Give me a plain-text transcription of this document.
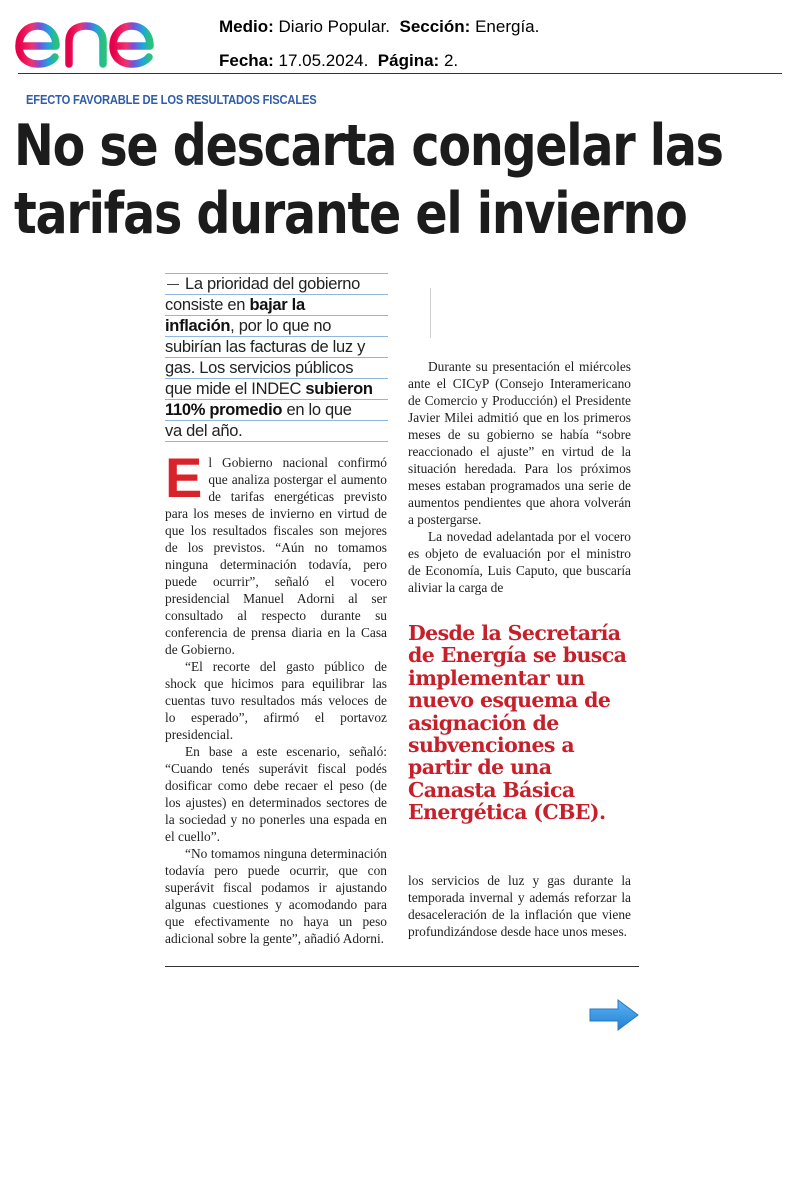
Medio: Diario Popular. Sección: Energía.
Fecha: 17.05.2024. Página: 2.
EFECTO FAVORABLE DE LOS RESULTADOS FISCALES
No se descarta congelar las
tarifas durante el invierno
La prioridad del gobierno
consiste en bajar la
inflación, por lo que no
subirían las facturas de luz y
gas. Los servicios públicos
que mide el INDEC subieron
110% promedio en lo que
va del año.

El Gobierno nacional confirmó que analiza postergar el aumento de tarifas energéticas previsto para los meses de invierno en virtud de que los resultados fiscales son mejores de los previstos. “Aún no tomamos ninguna determinación todavía, pero puede ocurrir”, señaló el vocero presidencial Manuel Adorni al ser consultado al respecto durante su conferencia de prensa diaria en la Casa de Gobierno.

“El recorte del gasto público de shock que hicimos para equilibrar las cuentas tuvo resultados más veloces de lo esperado”, afirmó el portavoz presidencial.

En base a este escenario, señaló: “Cuando tenés superávit fiscal podés dosificar como debe recaer el peso (de los ajustes) en determinados sectores de la sociedad y no ponerles una espada en el cuello”.

“No tomamos ninguna determinación todavía pero puede ocurrir, que con superávit fiscal podamos ir ajustando algunas cuestiones y acomodando para que efectivamente no haya un peso adicional sobre la gente”, añadió Adorni.

Durante su presentación el miércoles ante el CICyP (Consejo Interamericano de Comercio y Producción) el Presidente Javier Milei admitió que en los primeros meses de su gobierno se había “sobre reaccionado el ajuste” en virtud de la situación heredada. Para los próximos meses estaban programados una serie de aumentos pendientes que ahora volverán a postergarse.

La novedad adelantada por el vocero es objeto de evaluación por el ministro de Economía, Luis Caputo, que buscaría aliviar la carga de

Desde la Secretaría de Energía se busca implementar un nuevo esquema de asignación de subvenciones a partir de una Canasta Básica Energética (CBE).

los servicios de luz y gas durante la temporada invernal y además reforzar la desaceleración de la inflación que viene profundizándose desde hace unos meses.
